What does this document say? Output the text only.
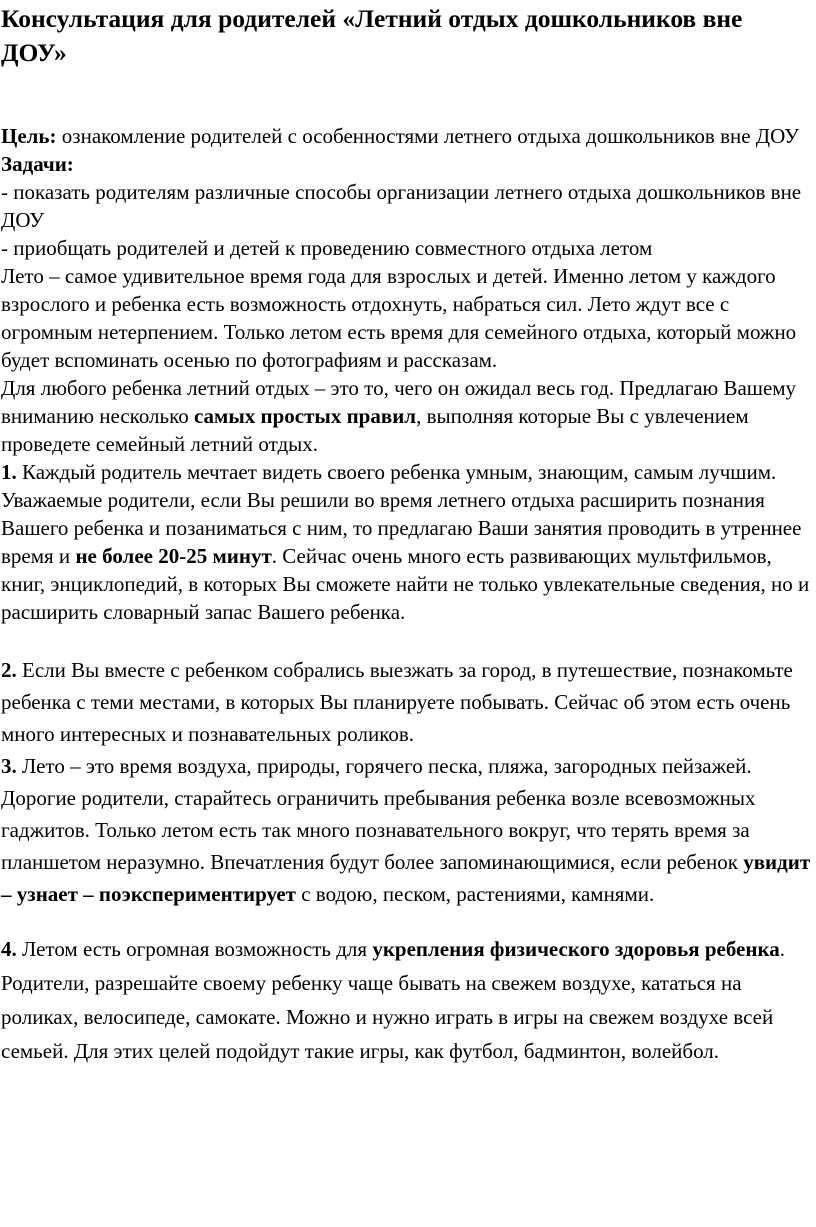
Консультация для родителей «Летний отдых дошкольников вне ДОУ»

Цель: ознакомление родителей с особенностями летнего отдыха дошкольников вне ДОУ

Задачи:

- показать родителям различные способы организации летнего отдыха дошкольников вне ДОУ

- приобщать родителей и детей к проведению совместного отдыха летом

Лето – самое удивительное время года для взрослых и детей. Именно летом у каждого взрослого и ребенка есть возможность отдохнуть, набраться сил. Лето ждут все с огромным нетерпением. Только летом есть время для семейного отдыха, который можно будет вспоминать осенью по фотографиям и рассказам.

Для любого ребенка летний отдых – это то, чего он ожидал весь год. Предлагаю Вашему вниманию несколько самых простых правил, выполняя которые Вы с увлечением проведете семейный летний отдых.

1. Каждый родитель мечтает видеть своего ребенка умным, знающим, самым лучшим. Уважаемые родители, если Вы решили во время летнего отдыха расширить познания Вашего ребенка и позаниматься с ним, то предлагаю Ваши занятия проводить в утреннее время и не более 20-25 минут. Сейчас очень много есть развивающих мультфильмов, книг, энциклопедий, в которых Вы сможете найти не только увлекательные сведения, но и расширить словарный запас Вашего ребенка.

2. Если Вы вместе с ребенком собрались выезжать за город, в путешествие, познакомьте ребенка с теми местами, в которых Вы планируете побывать. Сейчас об этом есть очень много интересных и познавательных роликов.

3. Лето – это время воздуха, природы, горячего песка, пляжа, загородных пейзажей. Дорогие родители, старайтесь ограничить пребывания ребенка возле всевозможных гаджитов. Только летом есть так много познавательного вокруг, что терять время за планшетом неразумно. Впечатления будут более запоминающимися, если ребенок увидит – узнает – поэкспериментирует с водою, песком, растениями, камнями.

4. Летом есть огромная возможность для укрепления физического здоровья ребенка. Родители, разрешайте своему ребенку чаще бывать на свежем воздухе, кататься на роликах, велосипеде, самокате. Можно и нужно играть в игры на свежем воздухе всей семьей. Для этих целей подойдут такие игры, как футбол, бадминтон, волейбол.
